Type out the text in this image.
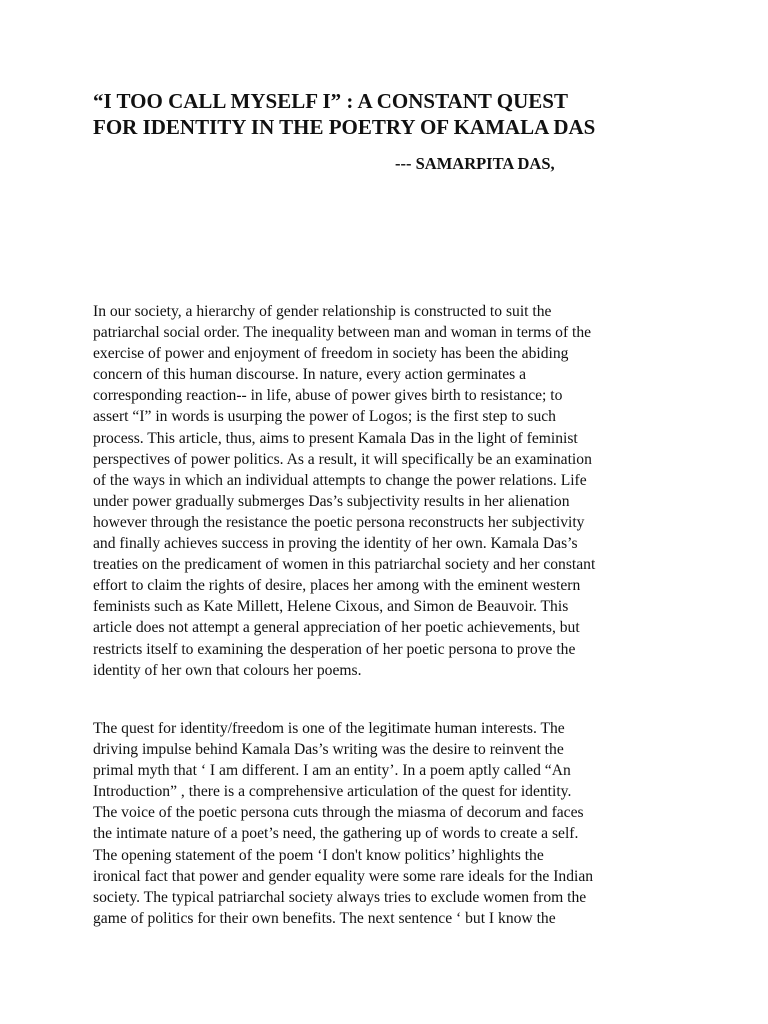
“I TOO CALL MYSELF I” : A CONSTANT QUEST
FOR IDENTITY IN THE POETRY OF KAMALA DAS

--- SAMARPITA DAS,

In our society, a hierarchy of gender relationship is constructed to suit the
patriarchal social order. The inequality between man and woman in terms of the
exercise of power and enjoyment of freedom in society has been the abiding
concern of this human discourse. In nature, every action germinates a
corresponding reaction-- in life, abuse of power gives birth to resistance; to
assert “I” in words is usurping the power of Logos; is the first step to such
process. This article, thus, aims to present Kamala Das in the light of feminist
perspectives of power politics. As a result, it will specifically be an examination
of the ways in which an individual attempts to change the power relations. Life
under power gradually submerges Das’s subjectivity results in her alienation
however through the resistance the poetic persona reconstructs her subjectivity
and finally achieves success in proving the identity of her own. Kamala Das’s
treaties on the predicament of women in this patriarchal society and her constant
effort to claim the rights of desire, places her among with the eminent western
feminists such as Kate Millett, Helene Cixous, and Simon de Beauvoir. This
article does not attempt a general appreciation of her poetic achievements, but
restricts itself to examining the desperation of her poetic persona to prove the
identity of her own that colours her poems.

The quest for identity/freedom is one of the legitimate human interests. The
driving impulse behind Kamala Das’s writing was the desire to reinvent the
primal myth that ‘ I am different. I am an entity’. In a poem aptly called “An
Introduction” , there is a comprehensive articulation of the quest for identity.
The voice of the poetic persona cuts through the miasma of decorum and faces
the intimate nature of a poet’s need, the gathering up of words to create a self.
The opening statement of the poem ‘I don't know politics’ highlights the
ironical fact that power and gender equality were some rare ideals for the Indian
society. The typical patriarchal society always tries to exclude women from the
game of politics for their own benefits. The next sentence ‘ but I know the
